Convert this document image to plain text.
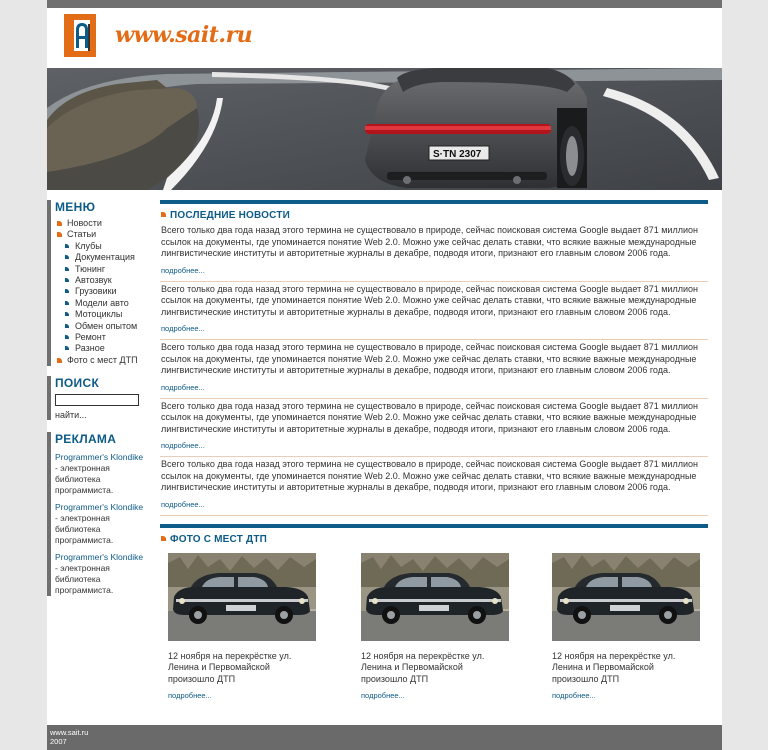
www.sait.ru
S·TN 2307
МЕНЮ
Новости
Статьи
Клубы
Документация
Тюнинг
Автозвук
Грузовики
Модели авто
Мотоциклы
Обмен опытом
Ремонт
Разное
Фото с мест ДТП
ПОИСК
найти...
РЕКЛАМА
Programmer's Klondike
- электронная библиотека программиста.
Programmer's Klondike
- электронная библиотека программиста.
Programmer's Klondike
- электронная библиотека программиста.
ПОСЛЕДНИЕ НОВОСТИ

Всего только два года назад этого термина не существовало в природе, сейчас поисковая система Google выдает 871 миллион ссылок на документы, где упоминается понятие Web 2.0. Можно уже сейчас делать ставки, что всякие важные международные лингвистические институты и авторитетные журналы в декабре, подводя итоги, признают его главным словом 2006 года.

подробнее...

Всего только два года назад этого термина не существовало в природе, сейчас поисковая система Google выдает 871 миллион ссылок на документы, где упоминается понятие Web 2.0. Можно уже сейчас делать ставки, что всякие важные международные лингвистические институты и авторитетные журналы в декабре, подводя итоги, признают его главным словом 2006 года.

подробнее...

Всего только два года назад этого термина не существовало в природе, сейчас поисковая система Google выдает 871 миллион ссылок на документы, где упоминается понятие Web 2.0. Можно уже сейчас делать ставки, что всякие важные международные лингвистические институты и авторитетные журналы в декабре, подводя итоги, признают его главным словом 2006 года.

подробнее...

Всего только два года назад этого термина не существовало в природе, сейчас поисковая система Google выдает 871 миллион ссылок на документы, где упоминается понятие Web 2.0. Можно уже сейчас делать ставки, что всякие важные международные лингвистические институты и авторитетные журналы в декабре, подводя итоги, признают его главным словом 2006 года.

подробнее...

Всего только два года назад этого термина не существовало в природе, сейчас поисковая система Google выдает 871 миллион ссылок на документы, где упоминается понятие Web 2.0. Можно уже сейчас делать ставки, что всякие важные международные лингвистические институты и авторитетные журналы в декабре, подводя итоги, признают его главным словом 2006 года.

подробнее...
ФОТО С МЕСТ ДТП
12 ноября на перекрёстке ул. Ленина и Первомайской произошло ДТП
подробнее...
12 ноября на перекрёстке ул. Ленина и Первомайской произошло ДТП
подробнее...
12 ноября на перекрёстке ул. Ленина и Первомайской произошло ДТП
подробнее...
www.sait.ru
2007
